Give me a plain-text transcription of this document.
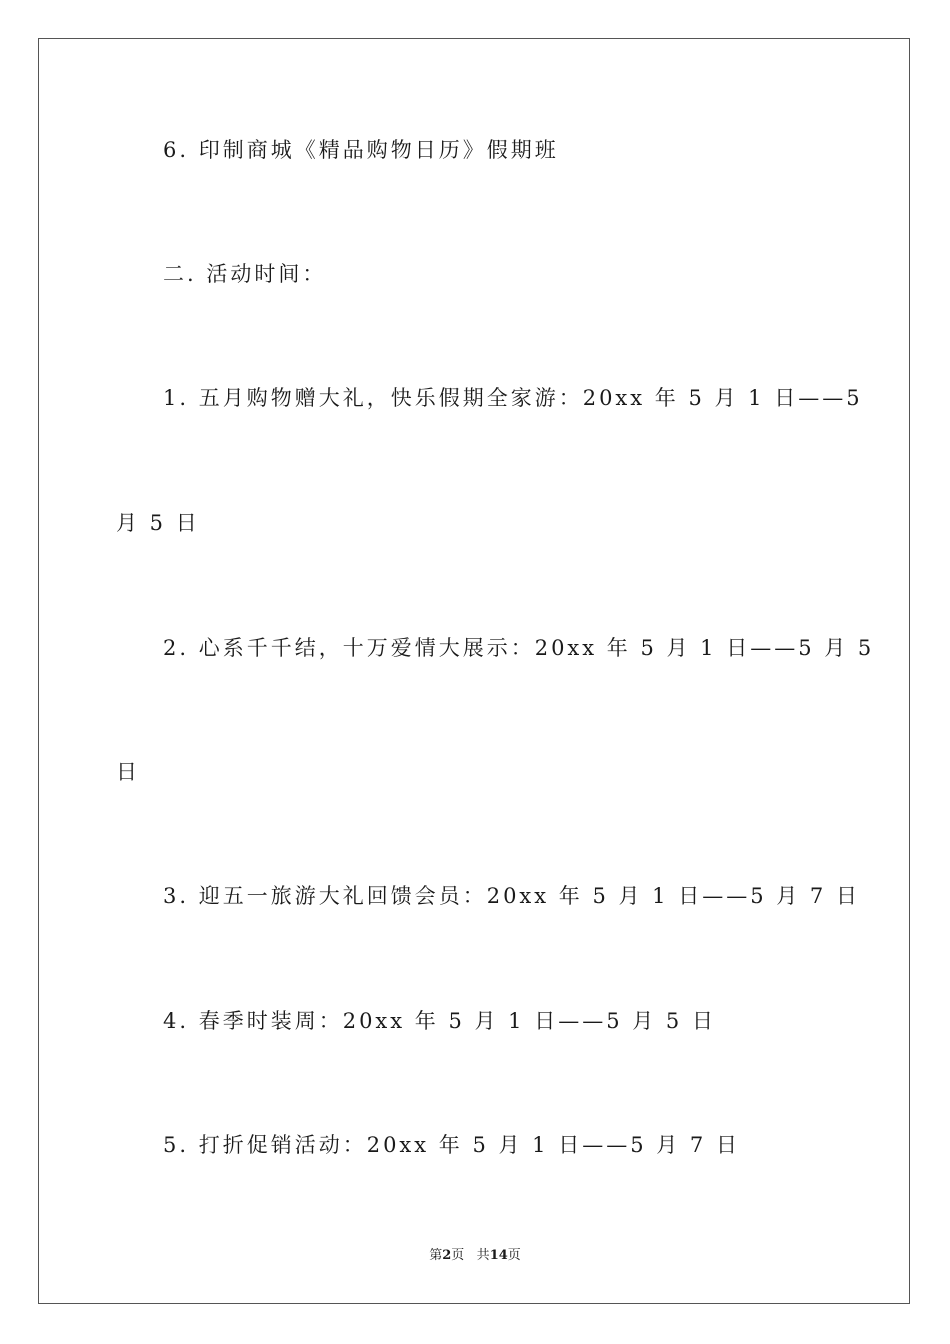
6. 印制商城《精品购物日历》假期班
二. 活动时间：
1. 五月购物赠大礼，快乐假期全家游：20xx 年 5 月 1 日——5
月 5 日
2. 心系千千结，十万爱情大展示：20xx 年 5 月 1 日——5 月 5
日
3. 迎五一旅游大礼回馈会员：20xx 年 5 月 1 日——5 月 7 日
4. 春季时装周：20xx 年 5 月 1 日——5 月 5 日
5. 打折促销活动：20xx 年 5 月 1 日——5 月 7 日
第2页 共14页
